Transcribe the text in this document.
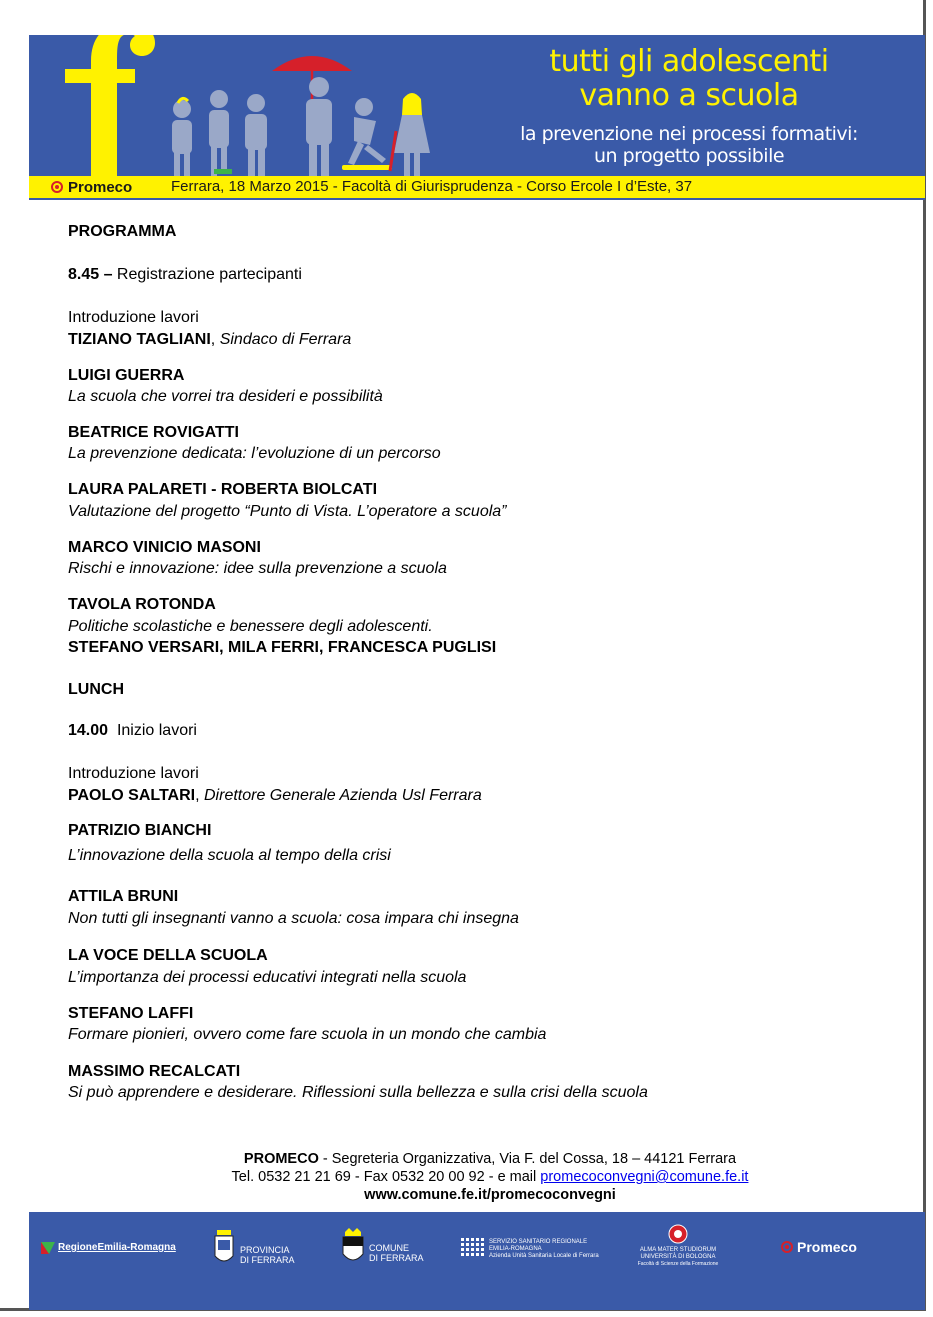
tutti gli adolescenti
vanno a scuola
la prevenzione nei processi formativi:
un progetto possibile
Promeco	Ferrara, 18 Marzo 2015 - Facoltà di Giurisprudenza - Corso Ercole I d’Este, 37
PROGRAMMA
8.45 – Registrazione partecipanti
Introduzione lavori
TIZIANO TAGLIANI, Sindaco di Ferrara
LUIGI GUERRA
La scuola che vorrei tra desideri e possibilità
BEATRICE ROVIGATTI
La prevenzione dedicata: l’evoluzione di un percorso
LAURA PALARETI - ROBERTA BIOLCATI
Valutazione del progetto “Punto di Vista. L’operatore a scuola”
MARCO VINICIO MASONI
Rischi e innovazione: idee sulla prevenzione a scuola
TAVOLA ROTONDA
Politiche scolastiche e benessere degli adolescenti.
STEFANO VERSARI, MILA FERRI, FRANCESCA PUGLISI
LUNCH
14.00  Inizio lavori
Introduzione lavori
PAOLO SALTARI, Direttore Generale Azienda Usl Ferrara
PATRIZIO BIANCHI
L’innovazione della scuola al tempo della crisi
ATTILA BRUNI
Non tutti gli insegnanti vanno a scuola: cosa impara chi insegna
LA VOCE DELLA SCUOLA
L’importanza dei processi educativi integrati nella scuola
STEFANO LAFFI
Formare pionieri, ovvero come fare scuola in un mondo che cambia
MASSIMO RECALCATI
Si può apprendere e desiderare. Riflessioni sulla bellezza e sulla crisi della scuola
PROMECO - Segreteria Organizzativa, Via F. del Cossa, 18 – 44121 Ferrara
Tel. 0532 21 21 69 - Fax 0532 20 00 92 - e mail promecoconvegni@comune.fe.it
www.comune.fe.it/promecoconvegni
RegioneEmilia-Romagna	PROVINCIA
DI FERRARA
COMUNE
DI FERRARA
SERVIZIO SANITARIO REGIONALE
EMILIA-ROMAGNA
Azienda Unità Sanitaria Locale di Ferrara
ALMA MATER STUDIORUM
UNIVERSITÀ DI BOLOGNA
Facoltà di Scienze della Formazione
Promeco
